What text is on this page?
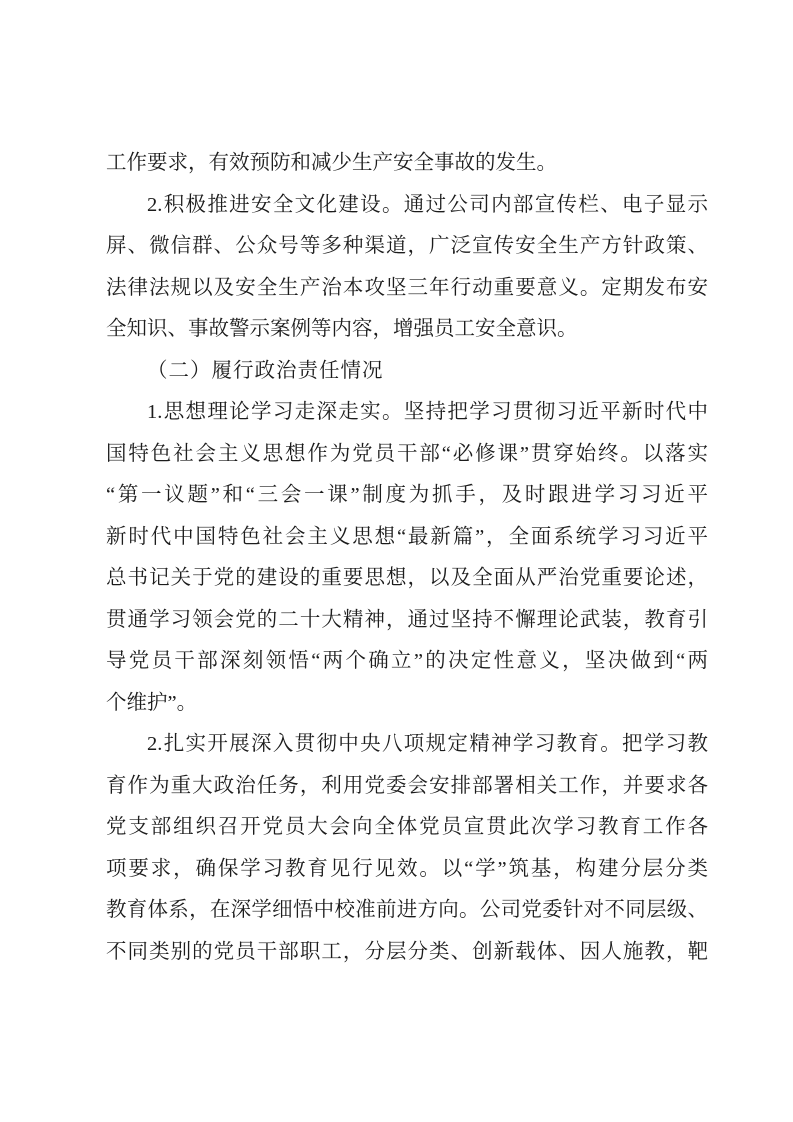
工作要求，有效预防和减少生产安全事故的发生。
2.积极推进安全文化建设。通过公司内部宣传栏、电子显示
屏、微信群、公众号等多种渠道，广泛宣传安全生产方针政策、
法律法规以及安全生产治本攻坚三年行动重要意义。定期发布安
全知识、事故警示案例等内容，增强员工安全意识。
（二）履行政治责任情况
1.思想理论学习走深走实。坚持把学习贯彻习近平新时代中
国特色社会主义思想作为党员干部“必修课”贯穿始终。以落实
“第一议题”和“三会一课”制度为抓手，及时跟进学习习近平
新时代中国特色社会主义思想“最新篇”，全面系统学习习近平
总书记关于党的建设的重要思想，以及全面从严治党重要论述，
贯通学习领会党的二十大精神，通过坚持不懈理论武装，教育引
导党员干部深刻领悟“两个确立”的决定性意义，坚决做到“两
个维护”。
2.扎实开展深入贯彻中央八项规定精神学习教育。把学习教
育作为重大政治任务，利用党委会安排部署相关工作，并要求各
党支部组织召开党员大会向全体党员宣贯此次学习教育工作各
项要求，确保学习教育见行见效。以“学”筑基，构建分层分类
教育体系，在深学细悟中校准前进方向。公司党委针对不同层级、
不同类别的党员干部职工，分层分类、创新载体、因人施教，靶
